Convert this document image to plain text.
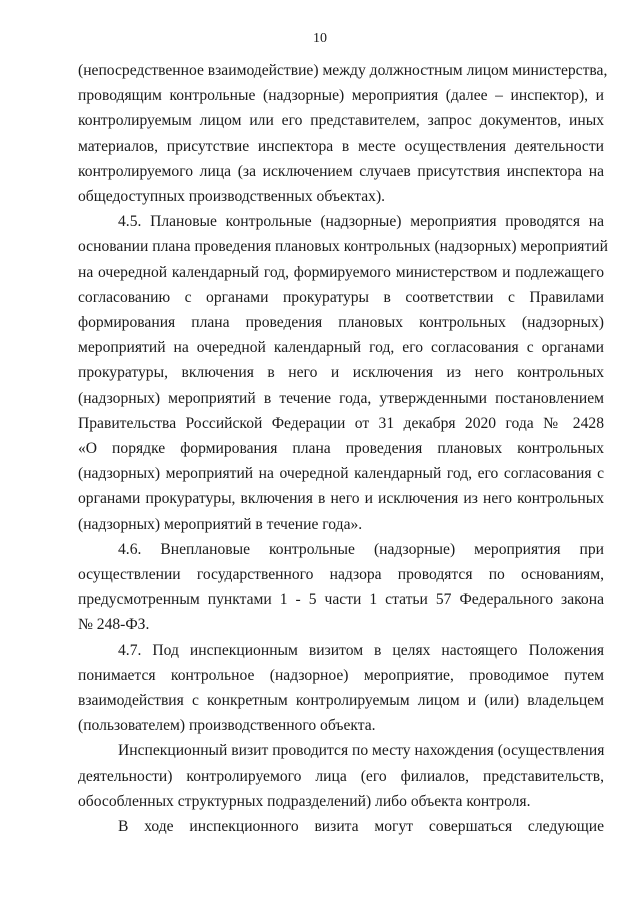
10
(непосредственное взаимодействие) между должностным лицом министерства,
проводящим контрольные (надзорные) мероприятия (далее – инспектор), и
контролируемым лицом или его представителем, запрос документов, иных
материалов, присутствие инспектора в месте осуществления деятельности
контролируемого лица (за исключением случаев присутствия инспектора на
общедоступных производственных объектах).
4.5. Плановые контрольные (надзорные) мероприятия проводятся на
основании плана проведения плановых контрольных (надзорных) мероприятий
на очередной календарный год, формируемого министерством и подлежащего
согласованию с органами прокуратуры в соответствии с Правилами
формирования плана проведения плановых контрольных (надзорных)
мероприятий на очередной календарный год, его согласования с органами
прокуратуры, включения в него и исключения из него контрольных
(надзорных) мероприятий в течение года, утвержденными постановлением
Правительства Российской Федерации от 31 декабря 2020 года № 2428
«О порядке формирования плана проведения плановых контрольных
(надзорных) мероприятий на очередной календарный год, его согласования с
органами прокуратуры, включения в него и исключения из него контрольных
(надзорных) мероприятий в течение года».
4.6. Внеплановые контрольные (надзорные) мероприятия при
осуществлении государственного надзора проводятся по основаниям,
предусмотренным пунктами 1 - 5 части 1 статьи 57 Федерального закона
№ 248-ФЗ.
4.7. Под инспекционным визитом в целях настоящего Положения
понимается контрольное (надзорное) мероприятие, проводимое путем
взаимодействия с конкретным контролируемым лицом и (или) владельцем
(пользователем) производственного объекта.
Инспекционный визит проводится по месту нахождения (осуществления
деятельности) контролируемого лица (его филиалов, представительств,
обособленных структурных подразделений) либо объекта контроля.
В ходе инспекционного визита могут совершаться следующие
